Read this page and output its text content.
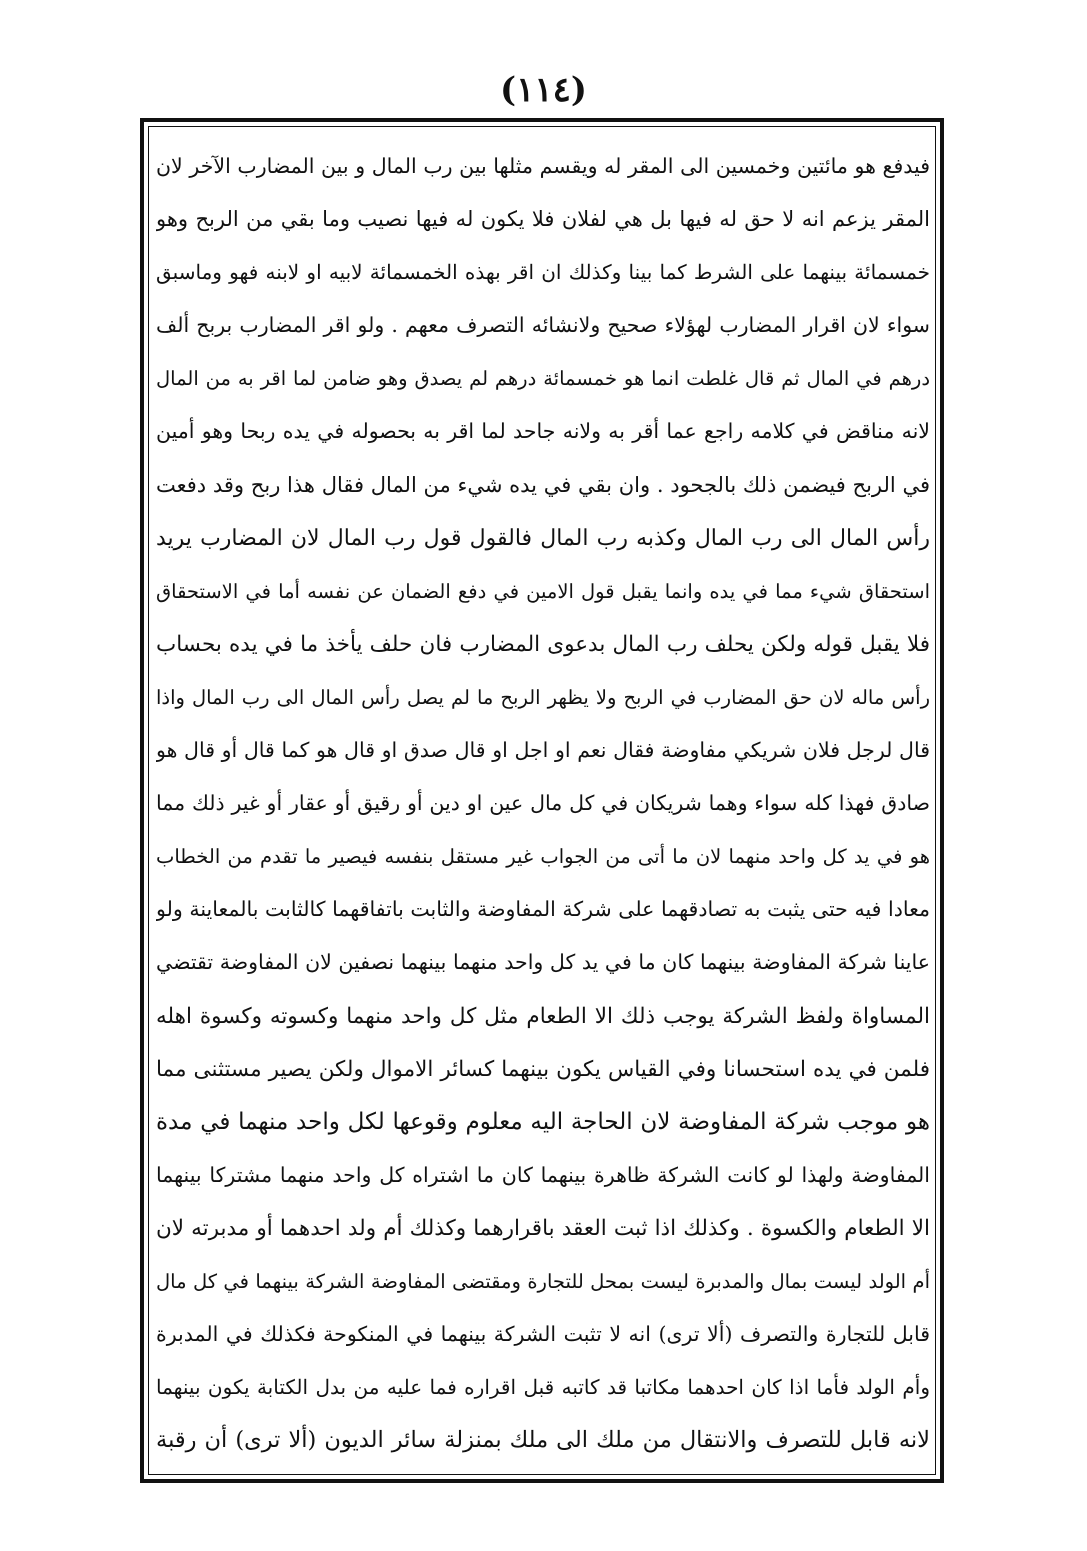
(١١٤)
فيدفع هو مائتين وخمسين الى المقر له ويقسم مثلها بين رب المال و بين المضارب الآخر لان
المقر يزعم انه لا حق له فيها بل هي لفلان فلا يكون له فيها نصيب وما بقي من الربح وهو
خمسمائة بينهما على الشرط كما بينا وكذلك ان اقر بهذه الخمسمائة لابيه او لابنه فهو وماسبق
سواء لان اقرار المضارب لهؤلاء صحيح ولانشائه التصرف معهم . ولو اقر المضارب بربح ألف
درهم في المال ثم قال غلطت انما هو خمسمائة درهم لم يصدق وهو ضامن لما اقر به من المال
لانه مناقض في كلامه راجع عما أقر به ولانه جاحد لما اقر به بحصوله في يده ربحا وهو أمين
في الربح فيضمن ذلك بالجحود . وان بقي في يده شيء من المال فقال هذا ربح وقد دفعت
رأس المال الى رب المال وكذبه رب المال فالقول قول رب المال لان المضارب يريد
استحقاق شيء مما في يده وانما يقبل قول الامين في دفع الضمان عن نفسه أما في الاستحقاق
فلا يقبل قوله ولكن يحلف رب المال بدعوى المضارب فان حلف يأخذ ما في يده بحساب
رأس ماله لان حق المضارب في الربح ولا يظهر الربح ما لم يصل رأس المال الى رب المال واذا
قال لرجل فلان شريكي مفاوضة فقال نعم او اجل او قال صدق او قال هو كما قال أو قال هو
صادق فهذا كله سواء وهما شريكان في كل مال عين او دين أو رقيق أو عقار أو غير ذلك مما
هو في يد كل واحد منهما لان ما أتى من الجواب غير مستقل بنفسه فيصير ما تقدم من الخطاب
معادا فيه حتى يثبت به تصادقهما على شركة المفاوضة والثابت باتفاقهما كالثابت بالمعاينة ولو
عاينا شركة المفاوضة بينهما كان ما في يد كل واحد منهما بينهما نصفين لان المفاوضة تقتضي
المساواة ولفظ الشركة يوجب ذلك الا الطعام مثل كل واحد منهما وكسوته وكسوة اهله
فلمن في يده استحسانا وفي القياس يكون بينهما كسائر الاموال ولكن يصير مستثنى مما
هو موجب شركة المفاوضة لان الحاجة اليه معلوم وقوعها لكل واحد منهما في مدة
المفاوضة ولهذا لو كانت الشركة ظاهرة بينهما كان ما اشتراه كل واحد منهما مشتركا بينهما
الا الطعام والكسوة . وكذلك اذا ثبت العقد باقرارهما وكذلك أم ولد احدهما أو مدبرته لان
أم الولد ليست بمال والمدبرة ليست بمحل للتجارة ومقتضى المفاوضة الشركة بينهما في كل مال
قابل للتجارة والتصرف (ألا ترى) انه لا تثبت الشركة بينهما في المنكوحة فكذلك في المدبرة
وأم الولد فأما اذا كان احدهما مكاتبا قد كاتبه قبل اقراره فما عليه من بدل الكتابة يكون بينهما
لانه قابل للتصرف والانتقال من ملك الى ملك بمنزلة سائر الديون (ألا ترى) أن رقبة
